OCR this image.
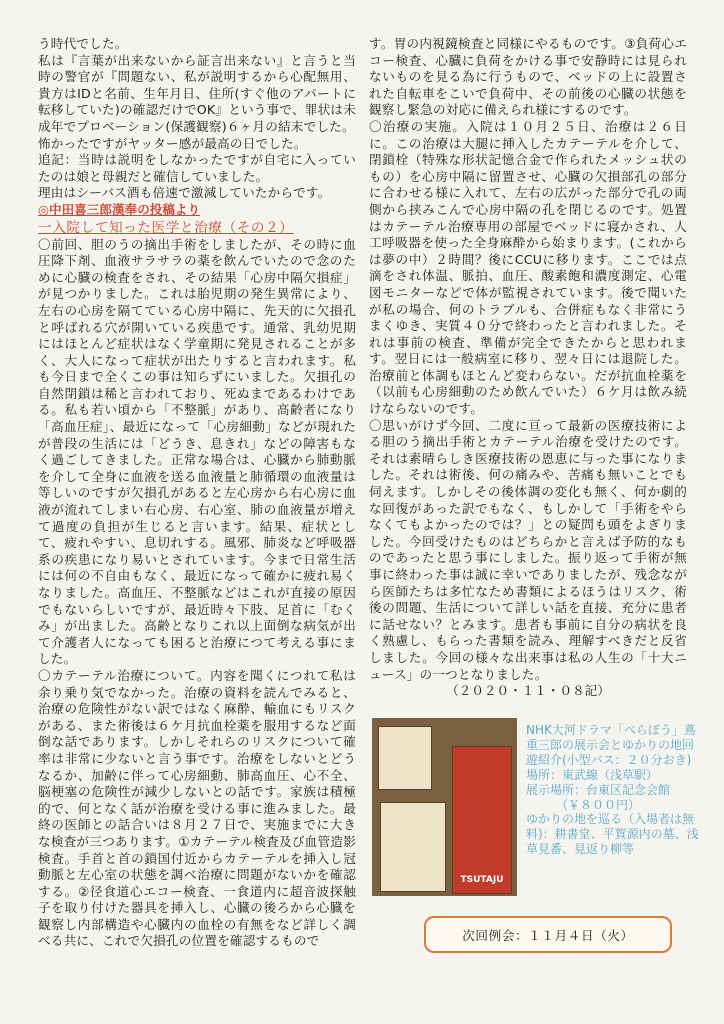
う時代でした。
私は『言葉が出来ないから証言出来ない』と言うと当時の警官が『問題ない、私が説明するから心配無用、貴方はIDと名前、生年月日、住所(すぐ他のアパートに転移していた)の確認だけでOK』という事で、罪状は未成年でプロベーション(保護観察)６ヶ月の結末でした。
怖かったですがヤッター感が最高の日でした。
追記：当時は説明をしなかったですが自宅に入っていたのは娘と母親だと確信していました。
理由はシーバス酒も倍速で激減していたからです。

◎中田喜三郎漢奉の投稿より

一入院して知った医学と治療（その２）

〇前回、胆のうの摘出手術をしましたが、その時に血圧降下剤、血液サラサラの薬を飲んでいたので念のために心臓の検査をされ、その結果「心房中隔欠損症」が見つかりました。これは胎児期の発生異常により、左右の心房を隔てている心房中隔に、先天的に欠損孔と呼ばれる穴が開いている疾患です。通常、乳幼児期にはほとんど症状はなく学童期に発見されることが多く、大人になって症状が出たりすると言われます。私も今日まで全くこの事は知らずにいました。欠損孔の自然閉鎖は稀と言われており、死ぬまであるわけである。私も若い頃から「不整脈」があり、高齢者になり「高血圧症」、最近になって「心房細動」などが現れたが普段の生活には「どうき、息きれ」などの障害もなく過ごしてきました。正常な場合は、心臓から肺動脈を介して全身に血液を送る血液量と肺循環の血液量は等しいのですが欠損孔があると左心房から右心房に血液が流れてしまい右心房、右心室、肺の血液量が増えて過度の負担が生じると言います。結果、症状として、疲れやすい、息切れする。風邪、肺炎など呼吸器系の疾患になり易いとされています。今まで日常生活には何の不自由もなく、最近になって確かに疲れ易くなりました。高血圧、不整脈などはこれが直接の原因でもないらしいですが、最近時々下肢、足首に「むくみ」が出ました。高齢となりこれ以上面倒な病気が出て介護者人になっても困ると治療につて考える事にました。

〇カテーテル治療について。内容を聞くにつれて私は余り乗り気でなかった。治療の資料を読んでみると、治療の危険性がない訳ではなく麻酔、輸血にもリスクがある、また術後は６ケ月抗血栓薬を服用するなど面倒な話であります。しかしそれらのリスクについて確率は非常に少ないと言う事です。治療をしないとどうなるか、加齢に伴って心房細動、肺高血圧、心不全、脳梗塞の危険性が減少しないとの話です。家族は積極的で、何となく話が治療を受ける事に進みました。最終の医師との話合いは８月２７日で、実施までに大きな検査が三つあります。①カテーテル検査及び血管造影検査。手首と首の鎖国付近からカテーテルを挿入し冠動脈と左心室の状態を調べ治療に問題がないかを確認する。②径食道心エコー検査、一食道内に超音波探触子を取り付けた器具を挿入し、心臓の後ろから心臓を観察し内部構造や心臓内の血栓の有無をなど詳しく調べる共に、これで欠損孔の位置を確認するもので

す。胃の内視鏡検査と同様にやるものです。③負荷心エコー検査、心臓に負荷をかける事で安静時には見られないものを見る為に行うもので、ベッドの上に設置された自転車をこいで負荷中、その前後の心臓の状態を観察し緊急の対応に備えられ様にするのです。

〇治療の実施。入院は１０月２５日、治療は２６日に。この治療は大腿に挿入したカテーテルを介して、閉鎖栓（特殊な形状記憶合金で作られたメッシュ状のもの）を心房中隔に留置させ、心臓の欠損部孔の部分に合わせる様に入れて、左右の広がった部分で孔の両側から挟みこんで心房中隔の孔を閉じるのです。処置はカテーテル治療専用の部屋でベッドに寝かされ、人工呼吸器を使った全身麻酔から始まります。(これからは夢の中）２時間？後にCCUに移ります。ここでは点滴をされ体温、脈拍、血圧、酸素飽和濃度測定、心電図モニターなどで体が監視されています。後で聞いたが私の場合、何のトラブルも、合併症もなく非常にうまくゆき、実質４０分で終わったと言われました。それは事前の検査、準備が完全できたからと思われます。翌日には一般病室に移り、翌々日には退院した。治療前と体調もほとんど変わらない。だが抗血栓薬を（以前も心房細動のため飲んでいた）６ケ月は飲み続けならないのです。

〇思いがけず今回、二度に亘って最新の医療技術による胆のう摘出手術とカテーテル治療を受けたのです。それは素晴らしき医療技術の恩恵に与った事になりました。それは術後、何の痛みや、苦痛も無いことでも伺えます。しかしその後体調の変化も無く、何か劇的な回復があった訳でもなく、もしかして「手術をやらなくてもよかったのでは？」との疑問も頭をよぎりました。今回受けたものはどちらかと言えば予防的なものであったと思う事にしました。振り返って手術が無事に終わった事は誠に幸いでありましたが、残念ながら医師たちは多忙なため書類によるほうはリスク、術後の問題、生活について詳しい話を直接、充分に患者に話せない？とみます。患者も事前に自分の病状を良く熟慮し、もらった書類を読み、理解すべきだと反省しました。今回の様々な出来事は私の人生の「十大ニュース」の一つとなりました。

（２０２０・１１・０８記）

TSUTAJU

NHK大河ドラマ「べらぼう」蔦重三郎の展示会とゆかりの地回遊紹介(小型バス：２０分おき)

場所：東武線（浅草駅）
展示場所：台東区記念会館
　　　（￥８００円）

ゆかりの地を巡る（入場者は無料)：耕書堂、平賀源内の墓、浅草見番、見返り柳等

次回例会：１１月４日（火）
